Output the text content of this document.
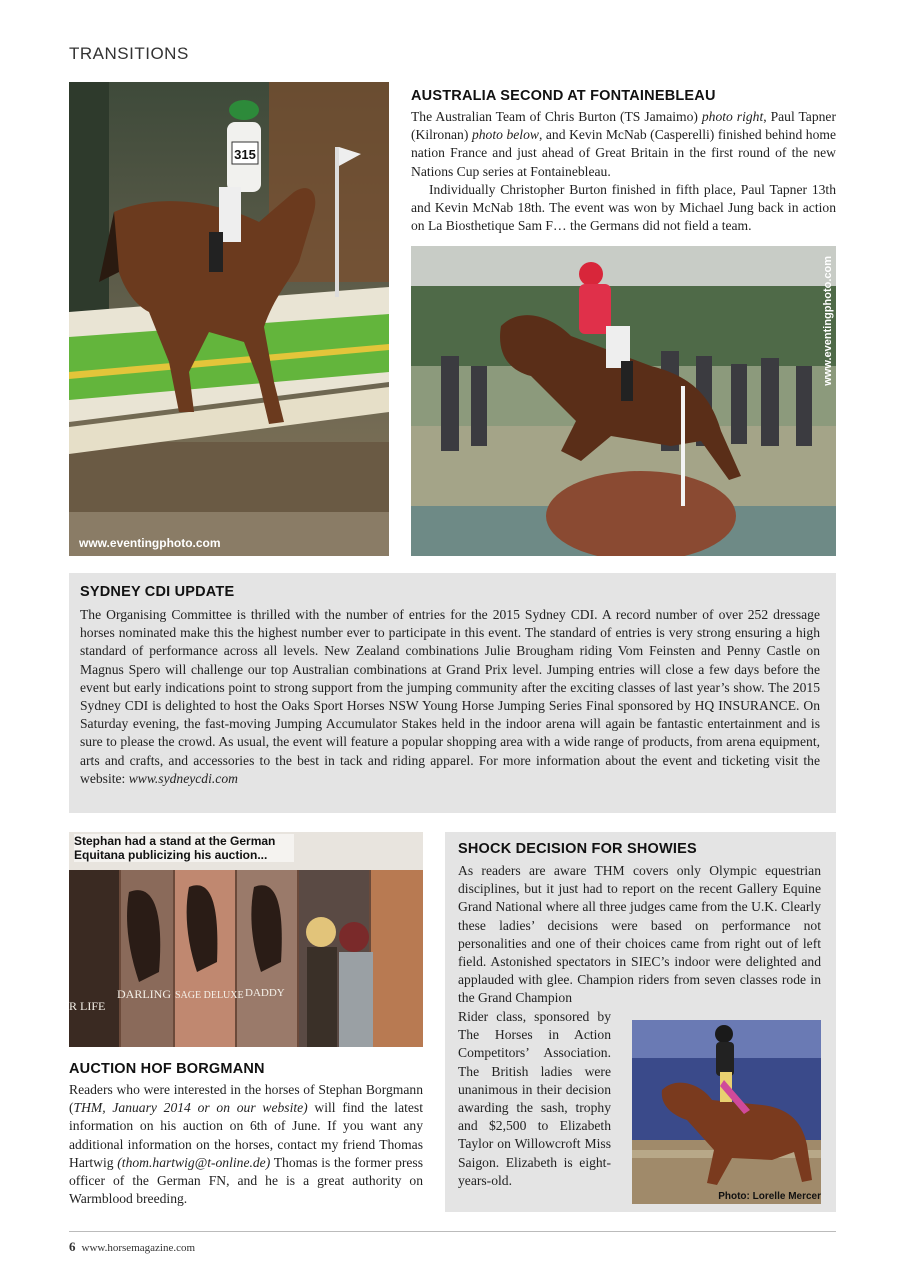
TRANSITIONS
315
www.eventingphoto.com
AUSTRALIA SECOND AT FONTAINEBLEAU

The Australian Team of Chris Burton (TS Jamaimo) photo right, Paul Tapner (Kilronan) photo below, and Kevin McNab (Casperelli) finished behind home nation France and just ahead of Great Britain in the first round of the new Nations Cup series at Fontainebleau.

Individually Christopher Burton finished in fifth place, Paul Tapner 13th and Kevin McNab 18th. The event was won by Michael Jung back in action on La Biosthetique Sam F… the Germans did not field a team.

www.eventingphoto.com
SYDNEY CDI UPDATE

The Organising Committee is thrilled with the number of entries for the 2015 Sydney CDI. A record number of over 252 dressage horses nominated make this the highest number ever to participate in this event. The standard of entries is very strong ensuring a high standard of performance across all levels. New Zealand combinations Julie Brougham riding Vom Feinsten and Penny Castle on Magnus Spero will challenge our top Australian combinations at Grand Prix level. Jumping entries will close a few days before the event but early indications point to strong support from the jumping community after the exciting classes of last year’s show. The 2015 Sydney CDI is delighted to host the Oaks Sport Horses NSW Young Horse Jumping Series Final sponsored by HQ INSURANCE. On Saturday evening, the fast-moving Jumping Accumulator Stakes held in the indoor arena will again be fantastic entertainment and is sure to please the crowd. As usual, the event will feature a popular shopping area with a wide range of products, from arena equipment, arts and crafts, and accessories to the best in tack and riding apparel. For more information about the event and ticketing visit the website: www.sydneycdi.com

R LIFE
DARLING SAGE DELUXE DADDY
Stephan had a stand at the German Equitana publicizing his auction...
AUCTION HOF BORGMANN

Readers who were interested in the horses of Stephan Borgmann (THM, January 2014 or on our website) will find the latest information on his auction on 6th of June. If you want any additional information on the horses, contact my friend Thomas Hartwig (thom.hartwig@t-online.de) Thomas is the former press officer of the German FN, and he is a great authority on Warmblood breeding.

SHOCK DECISION FOR SHOWIES
As readers are aware THM covers only Olympic equestrian disciplines, but it just had to report on the recent Gallery Equine Grand National where all three judges came from the U.K. Clearly these ladies’ decisions were based on performance not personalities and one of their choices came from right out of left field. Astonished spectators in SIEC’s indoor were delighted and applauded with glee. Champion riders from seven classes rode in the Grand Champion
Rider class, sponsored by The Horses in Action Competitors’ Association. The British ladies were unanimous in their decision awarding the sash, trophy and $2,500 to Elizabeth Taylor on Willowcroft Miss Saigon. Elizabeth is eight- years-old.
Photo: Lorelle Mercer
6 www.horsemagazine.com
